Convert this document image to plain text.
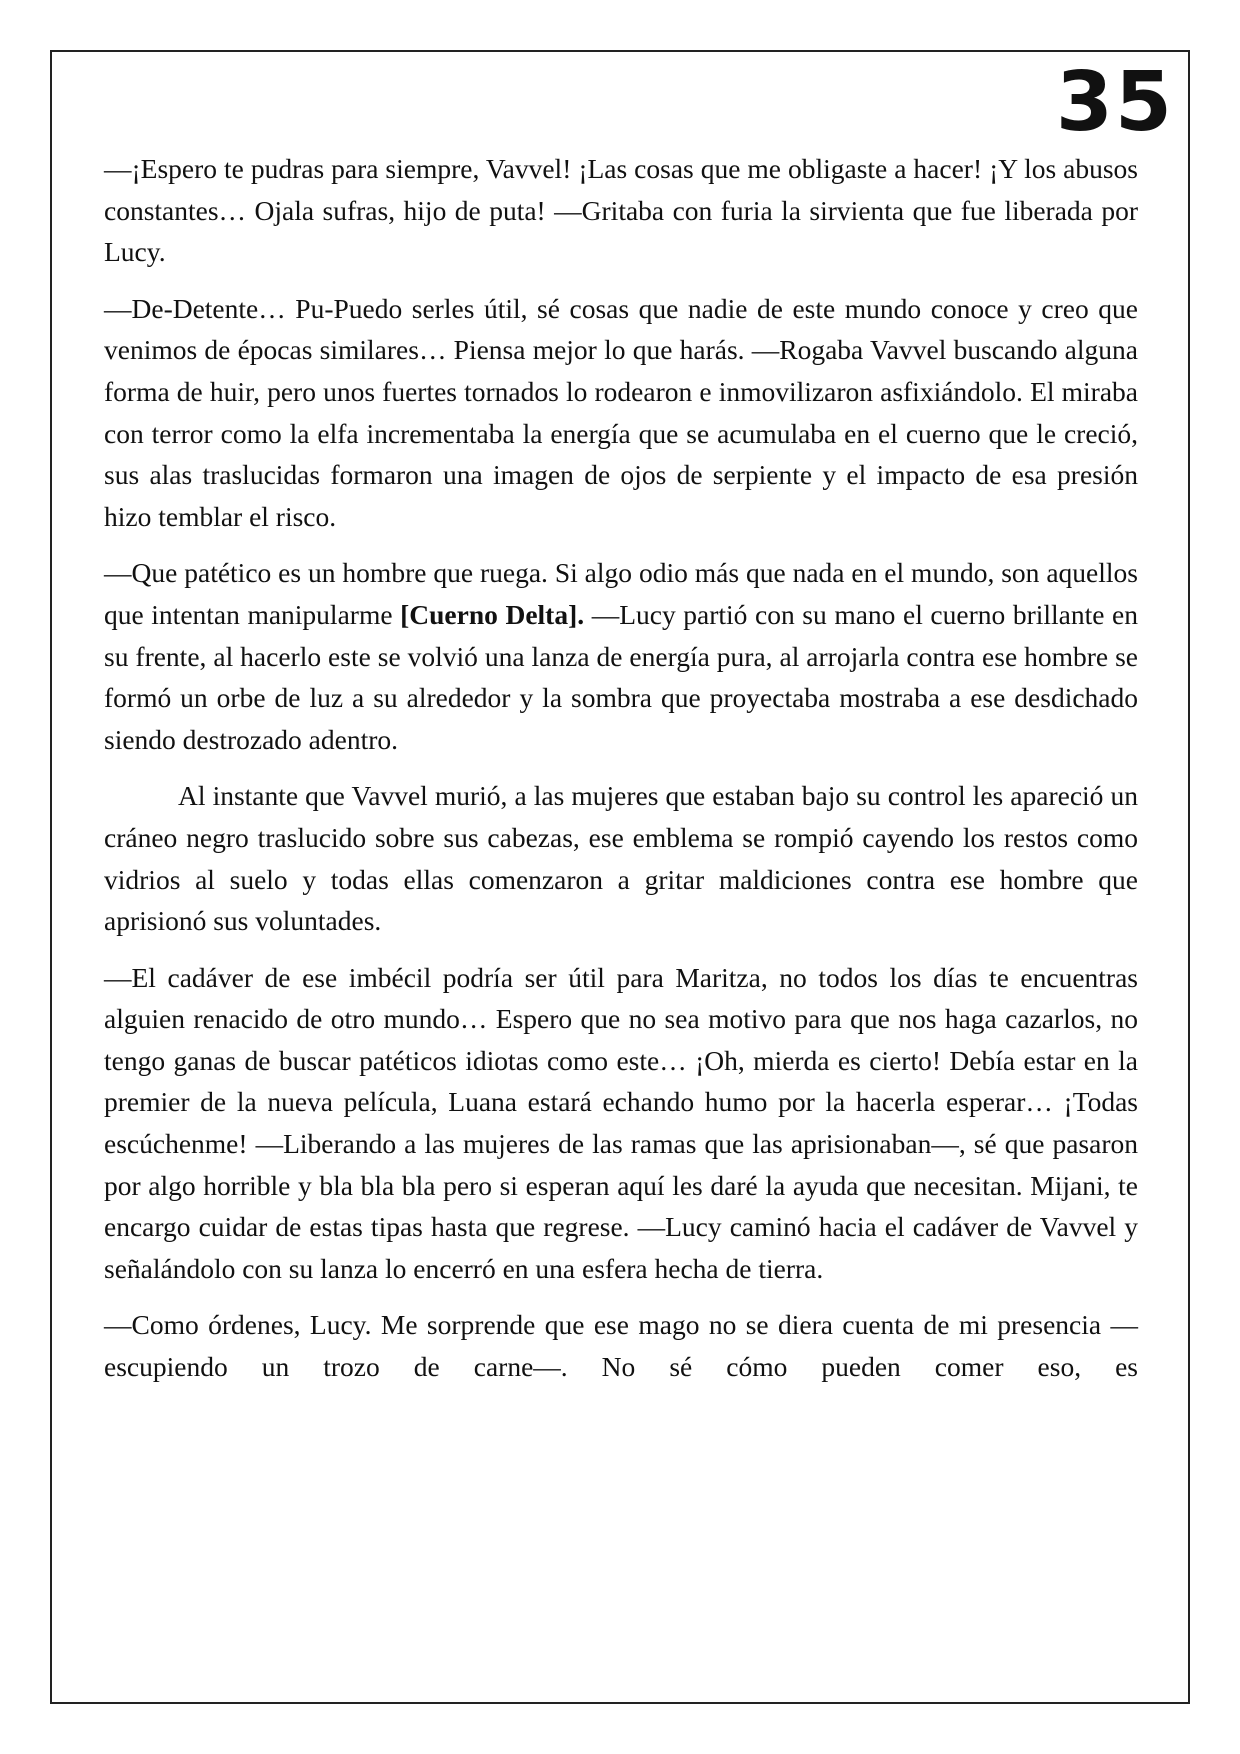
35

—¡Espero te pudras para siempre, Vavvel! ¡Las cosas que me obligaste a hacer! ¡Y los abusos constantes… Ojala sufras, hijo de puta! —Gritaba con furia la sirvienta que fue liberada por Lucy.

—De-Detente… Pu-Puedo serles útil, sé cosas que nadie de este mundo conoce y creo que venimos de épocas similares… Piensa mejor lo que harás. —Rogaba Vavvel buscando alguna forma de huir, pero unos fuertes tornados lo rodearon e inmovilizaron asfixiándolo. El miraba con terror como la elfa incrementaba la energía que se acumulaba en el cuerno que le creció, sus alas traslucidas formaron una imagen de ojos de serpiente y el impacto de esa presión hizo temblar el risco.

—Que patético es un hombre que ruega. Si algo odio más que nada en el mundo, son aquellos que intentan manipularme [Cuerno Delta]. —Lucy partió con su mano el cuerno brillante en su frente, al hacerlo este se volvió una lanza de energía pura, al arrojarla contra ese hombre se formó un orbe de luz a su alrededor y la sombra que proyectaba mostraba a ese desdichado siendo destrozado adentro.

Al instante que Vavvel murió, a las mujeres que estaban bajo su control les apareció un cráneo negro traslucido sobre sus cabezas, ese emblema se rompió cayendo los restos como vidrios al suelo y todas ellas comenzaron a gritar maldiciones contra ese hombre que aprisionó sus voluntades.

—El cadáver de ese imbécil podría ser útil para Maritza, no todos los días te encuentras alguien renacido de otro mundo… Espero que no sea motivo para que nos haga cazarlos, no tengo ganas de buscar patéticos idiotas como este… ¡Oh, mierda es cierto! Debía estar en la premier de la nueva película, Luana estará echando humo por la hacerla esperar… ¡Todas escúchenme! —Liberando a las mujeres de las ramas que las aprisionaban—, sé que pasaron por algo horrible y bla bla bla pero si esperan aquí les daré la ayuda que necesitan. Mijani, te encargo cuidar de estas tipas hasta que regrese. —Lucy caminó hacia el cadáver de Vavvel y señalándolo con su lanza lo encerró en una esfera hecha de tierra.

—Como órdenes, Lucy. Me sorprende que ese mago no se diera cuenta de mi presencia —escupiendo un trozo de carne—. No sé cómo pueden comer eso, es
